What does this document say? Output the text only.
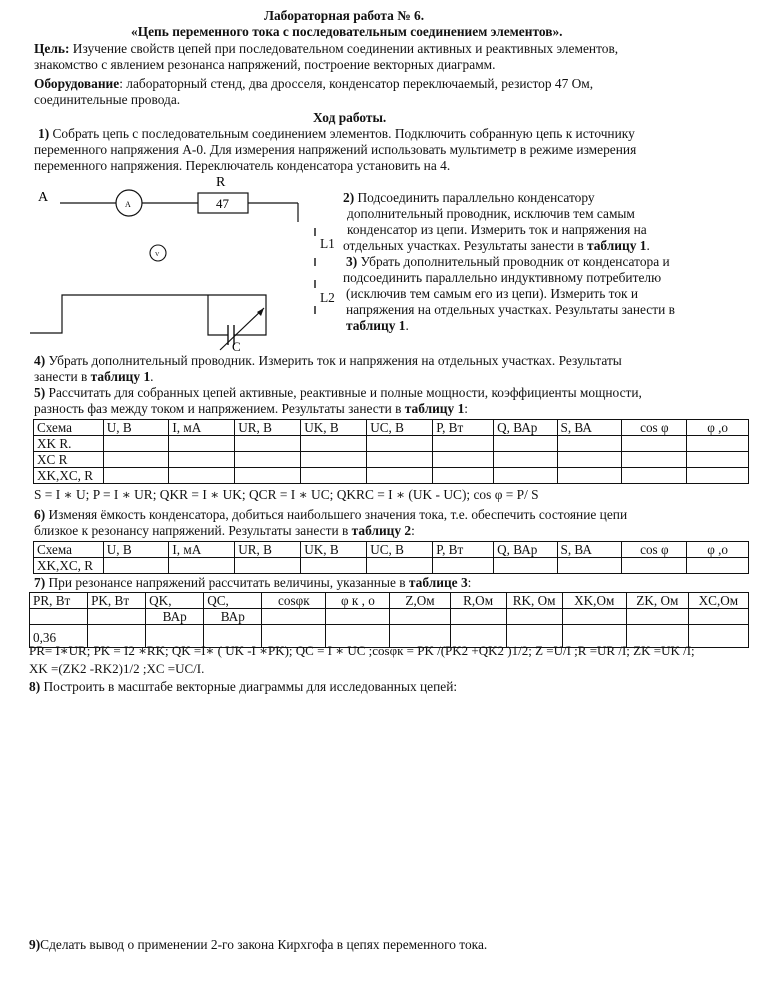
Лабораторная работа № 6.
«Цепь переменного тока с последовательным соединением элементов».
Цель: Изучение свойств цепей при последовательном соединении активных и реактивных элементов,
знакомство с явлением резонанса напряжений, построение векторных диаграмм.
Оборудование: лабораторный стенд, два дросселя, конденсатор переключаемый, резистор 47 Ом,
соединительные провода.
Ход работы.
1) Собрать цепь с последовательным соединением элементов. Подключить собранную цепь к источнику
переменного напряжения А-0. Для измерения напряжений использовать мультиметр в режиме измерения
переменного напряжения. Переключатель конденсатора установить на 4.
A
R
A	47
V
C
L1
L2
2) Подсоединить параллельно конденсатору
дополнительный проводник, исключив тем самым
конденсатор из цепи. Измерить ток и напряжения на
отдельных участках. Результаты занести в таблицу 1.
3) Убрать дополнительный проводник от конденсатора и
подсоединить параллельно индуктивному потребителю
(исключив тем самым его из цепи). Измерить ток и
напряжения на отдельных участках. Результаты занести в
таблицу 1.
4) Убрать дополнительный проводник. Измерить ток и напряжения на отдельных участках. Результаты
занести в таблицу 1.
5) Рассчитать для собранных цепей активные, реактивные и полные мощности, коэффициенты мощности,
разность фаз между током и напряжением. Результаты занести в таблицу 1:
Схема	U, В	I, мА	UR, В	UK, В	UC, В	P, Вт	Q, ВАр	S, ВА	cos φ	φ ,о
XK R.										
XC R										
XK,XC, R										
S = I ∗ U; P = I ∗ UR; QKR = I ∗ UK; QCR = I ∗ UC; QKRC = I ∗ (UK - UC); cos φ = P/ S
6) Изменяя ёмкость конденсатора, добиться наибольшего значения тока, т.е. обеспечить состояние цепи
близкое к резонансу напряжений. Результаты занести в таблицу 2:
Схема	U, В	I, мА	UR, В	UK, В	UC, В	P, Вт	Q, ВАр	S, ВА	cos φ	φ ,о
XK,XC, R										
7) При резонансе напряжений рассчитать величины, указанные в таблице 3:
PR, Вт	PK, Вт	QK,	QC,	cosφк	φ к , о	Z,Ом	R,Ом	RK, Ом	XK,Ом	ZK, Ом	XC,Ом
		ВАр	ВАр								
0,36											
PR= I∗UR; PK = I2 ∗RK; QK =I∗ ( UK -I ∗PK); QC = I ∗ UC ;cosφк = PK /(PK2 +QK2 )1/2; Z =U/I ;R =UR /I; ZK =UK /I;
XK =(ZK2 -RK2)1/2 ;XC =UC/I.
8) Построить в масштабе векторные диаграммы для исследованных цепей:
9)Сделать вывод о применении 2-го закона Кирхгофа в цепях переменного тока.
